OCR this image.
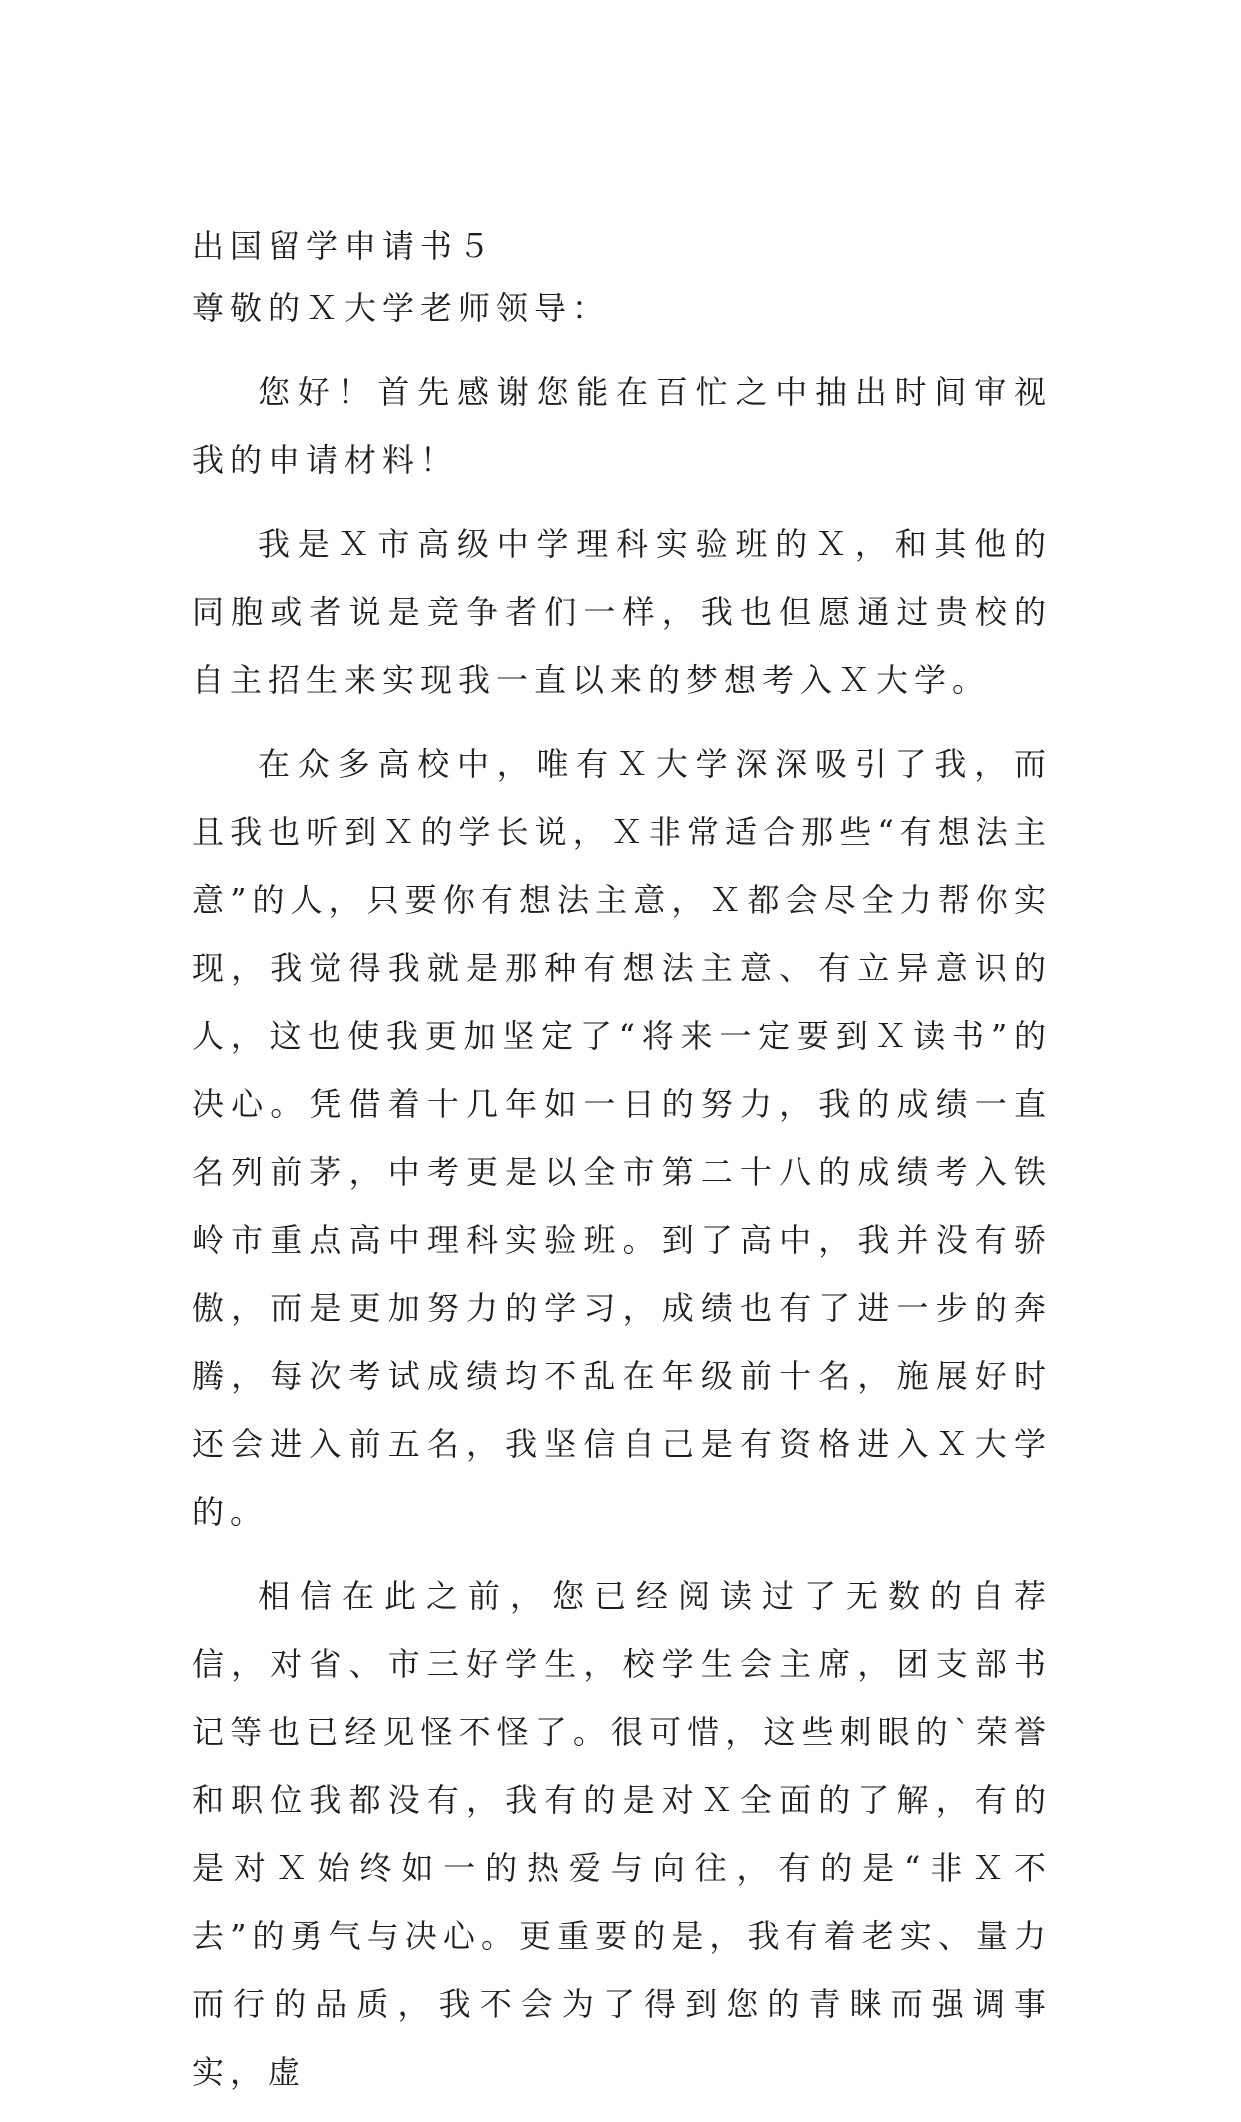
出国留学申请书５

尊敬的Ｘ大学老师领导：

您好！首先感谢您能在百忙之中抽出时间审视我的申请材料！

我是Ｘ市高级中学理科实验班的Ｘ，和其他的同胞或者说是竞争者们一样，我也但愿通过贵校的自主招生来实现我一直以来的梦想考入Ｘ大学。

在众多高校中，唯有Ｘ大学深深吸引了我，而且我也听到Ｘ的学长说，Ｘ非常适合那些“有想法主意”的人，只要你有想法主意，Ｘ都会尽全力帮你实现，我觉得我就是那种有想法主意、有立异意识的人，这也使我更加坚定了“将来一定要到Ｘ读书”的决心。凭借着十几年如一日的努力，我的成绩一直名列前茅，中考更是以全市第二十八的成绩考入铁岭市重点高中理科实验班。到了高中，我并没有骄傲，而是更加努力的学习，成绩也有了进一步的奔腾，每次考试成绩均不乱在年级前十名，施展好时还会进入前五名，我坚信自己是有资格进入Ｘ大学的。

相信在此之前，您已经阅读过了无数的自荐信，对省、市三好学生，校学生会主席，团支部书记等也已经见怪不怪了。很可惜，这些刺眼的`荣誉和职位我都没有，我有的是对Ｘ全面的了解，有的是对Ｘ始终如一的热爱与向往，有的是“非Ｘ不去”的勇气与决心。更重要的是，我有着老实、量力而行的品质，我不会为了得到您的青睐而强调事实，虚
